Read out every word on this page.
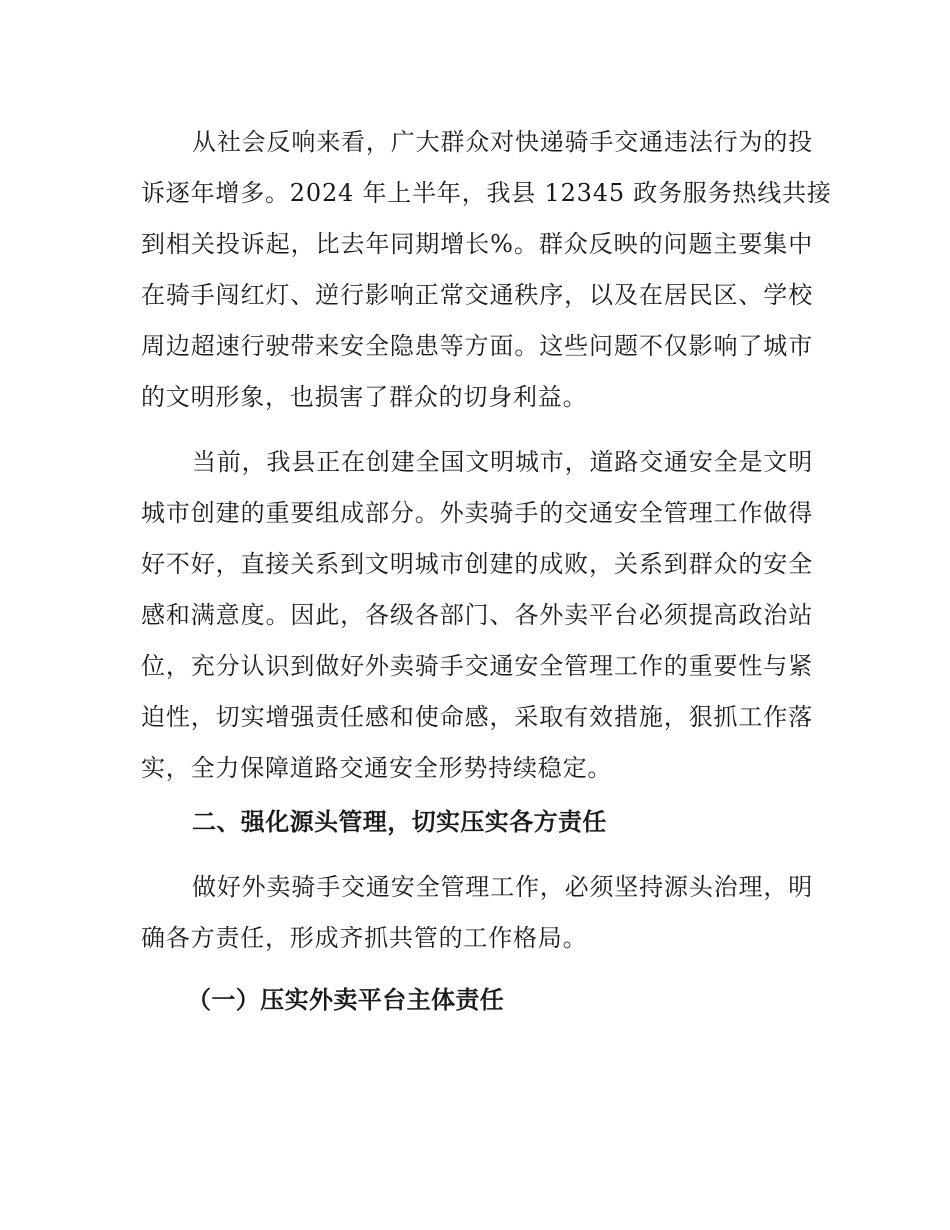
从社会反响来看，广大群众对快递骑手交通违法行为的投
诉逐年增多。2024 年上半年，我县 12345 政务服务热线共接
到相关投诉起，比去年同期增长%。群众反映的问题主要集中
在骑手闯红灯、逆行影响正常交通秩序，以及在居民区、学校
周边超速行驶带来安全隐患等方面。这些问题不仅影响了城市
的文明形象，也损害了群众的切身利益。
当前，我县正在创建全国文明城市，道路交通安全是文明
城市创建的重要组成部分。外卖骑手的交通安全管理工作做得
好不好，直接关系到文明城市创建的成败，关系到群众的安全
感和满意度。因此，各级各部门、各外卖平台必须提高政治站
位，充分认识到做好外卖骑手交通安全管理工作的重要性与紧
迫性，切实增强责任感和使命感，采取有效措施，狠抓工作落
实，全力保障道路交通安全形势持续稳定。
二、强化源头管理，切实压实各方责任
做好外卖骑手交通安全管理工作，必须坚持源头治理，明
确各方责任，形成齐抓共管的工作格局。
（一）压实外卖平台主体责任
